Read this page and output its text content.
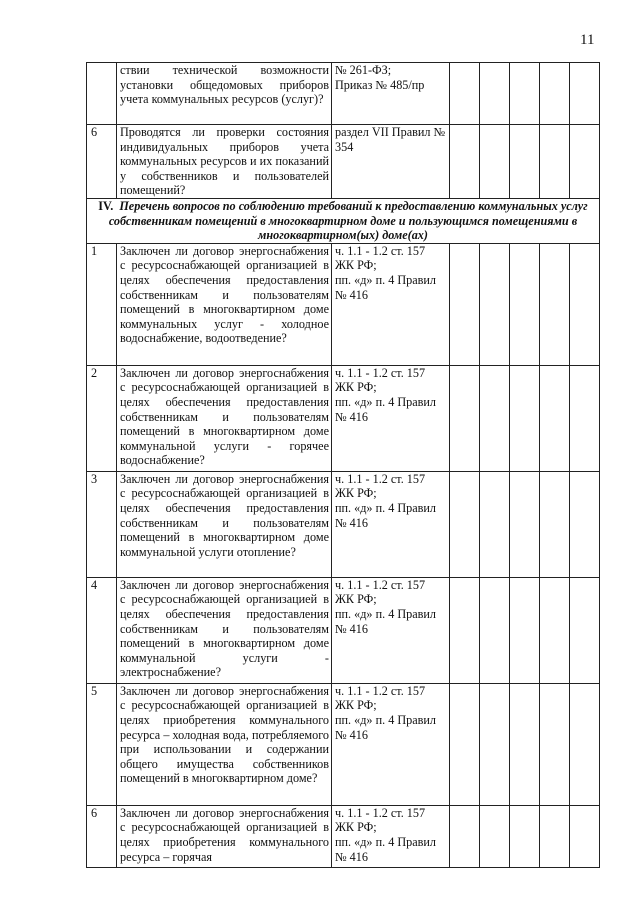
11
	ствии технической возможности установки общедомовых приборов учета коммунальных ресурсов (услуг)?	№ 261-ФЗ;
Приказ № 485/пр					
6	Проводятся ли проверки состояния индивидуальных приборов учета коммунальных ресурсов и их показаний у собственников и пользователей помещений?	раздел VII Правил № 354					
IV. Перечень вопросов по соблюдению требований к предоставлению коммунальных услуг собственникам помещений в многоквартирном доме и пользующимся помещениями в многоквартирном(ых) доме(ах)							
1	Заключен ли договор энергоснабжения с ресурсоснабжающей организацией в целях обеспечения предоставления собственникам и пользователям помещений в многоквартирном доме коммунальных услуг - холодное водоснабжение, водоотведение?	ч. 1.1 - 1.2 ст. 157 ЖК РФ;
пп. «д» п. 4 Правил № 416					
2	Заключен ли договор энергоснабжения с ресурсоснабжающей организацией в целях обеспечения предоставления собственникам и пользователям помещений в многоквартирном доме коммунальной услуги - горячее водоснабжение?	ч. 1.1 - 1.2 ст. 157 ЖК РФ;
пп. «д» п. 4 Правил № 416					
3	Заключен ли договор энергоснабжения с ресурсоснабжающей организацией в целях обеспечения предоставления собственникам и пользователям помещений в многоквартирном доме коммунальной услуги отопление?	ч. 1.1 - 1.2 ст. 157 ЖК РФ;
пп. «д» п. 4 Правил № 416					
4	Заключен ли договор энергоснабжения с ресурсоснабжающей организацией в целях обеспечения предоставления собственникам и пользователям помещений в многоквартирном доме коммунальной услуги - электроснабжение?	ч. 1.1 - 1.2 ст. 157 ЖК РФ;
пп. «д» п. 4 Правил № 416					
5	Заключен ли договор энергоснабжения с ресурсоснабжающей организацией в целях приобретения коммунального ресурса – холодная вода, потребляемого при использовании и содержании общего имущества собственников помещений в многоквартирном доме?	ч. 1.1 - 1.2 ст. 157 ЖК РФ;
пп. «д» п. 4 Правил № 416					
6	Заключен ли договор энергоснабжения с ресурсоснабжающей организацией в целях приобретения коммунального ресурса – горячая	ч. 1.1 - 1.2 ст. 157 ЖК РФ;
пп. «д» п. 4 Правил № 416					
